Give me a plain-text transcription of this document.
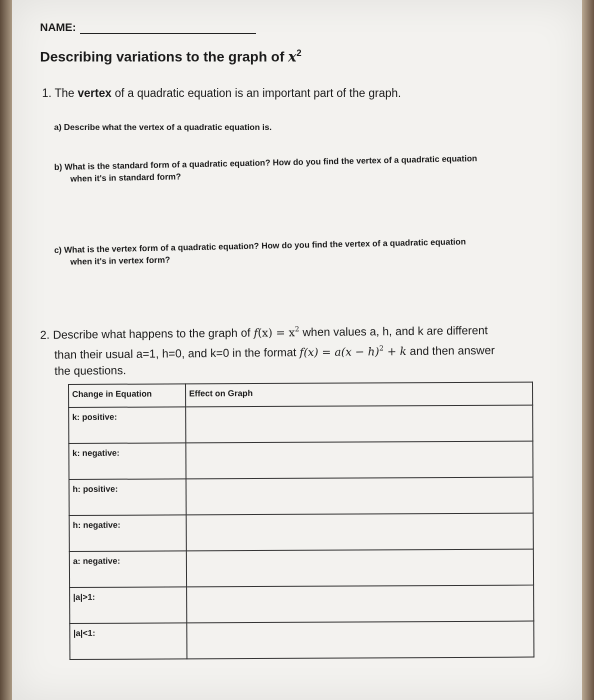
NAME:
Describing variations to the graph of $x^2$
1. The vertex of a quadratic equation is an important part of the graph.
a) Describe what the vertex of a quadratic equation is.
b) What is the standard form of a quadratic equation? How do you find the vertex of a quadratic equation
when it's in standard form?
c) What is the vertex form of a quadratic equation? How do you find the vertex of a quadratic equation
when it's in vertex form?
2. Describe what happens to the graph of $f(x) = x^2$ when values a, h, and k are different
than their usual a=1, h=0, and k=0 in the format $f(x) = a(x - h)^2 + k$ and then answer
the questions.
Change in Equation	Effect on Graph
k: positive:	
k: negative:	
h: positive:	
h: negative:	
a: negative:	
|a|>1:	
|a|<1:	
